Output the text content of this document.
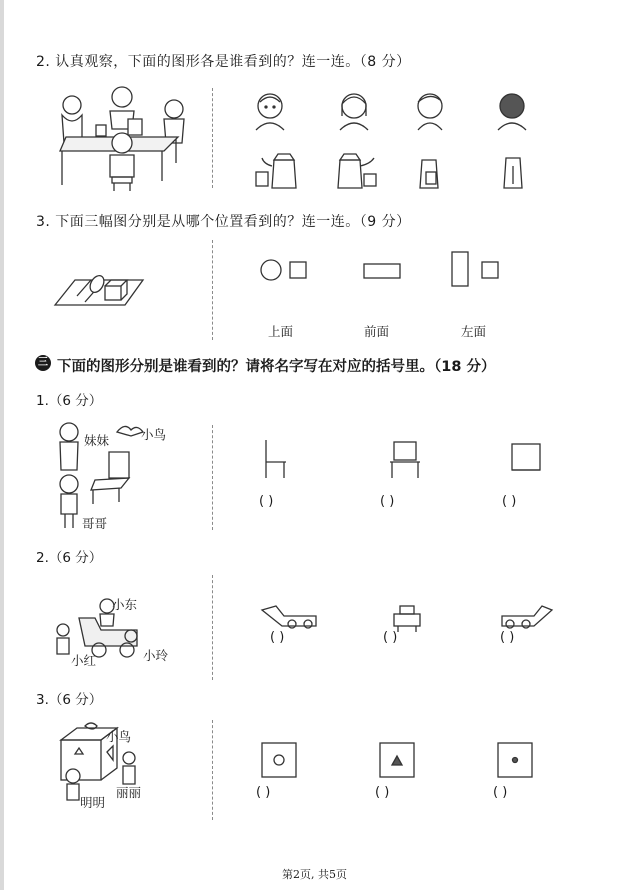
2. 认真观察，下面的图形各是谁看到的？连一连。（8 分）
3. 下面三幅图分别是从哪个位置看到的？连一连。（9 分）
上面	前面	左面
三 下面的图形分别是谁看到的？请将名字写在对应的括号里。（18 分）
1.（6 分）
妹妹	小鸟
哥哥
( )	( )	( )
2.（6 分）
小东
小红	小玲
( )	( )	( )
3.（6 分）
小鸟
明明
丽丽	( )	( )	( )
第2页, 共5页
